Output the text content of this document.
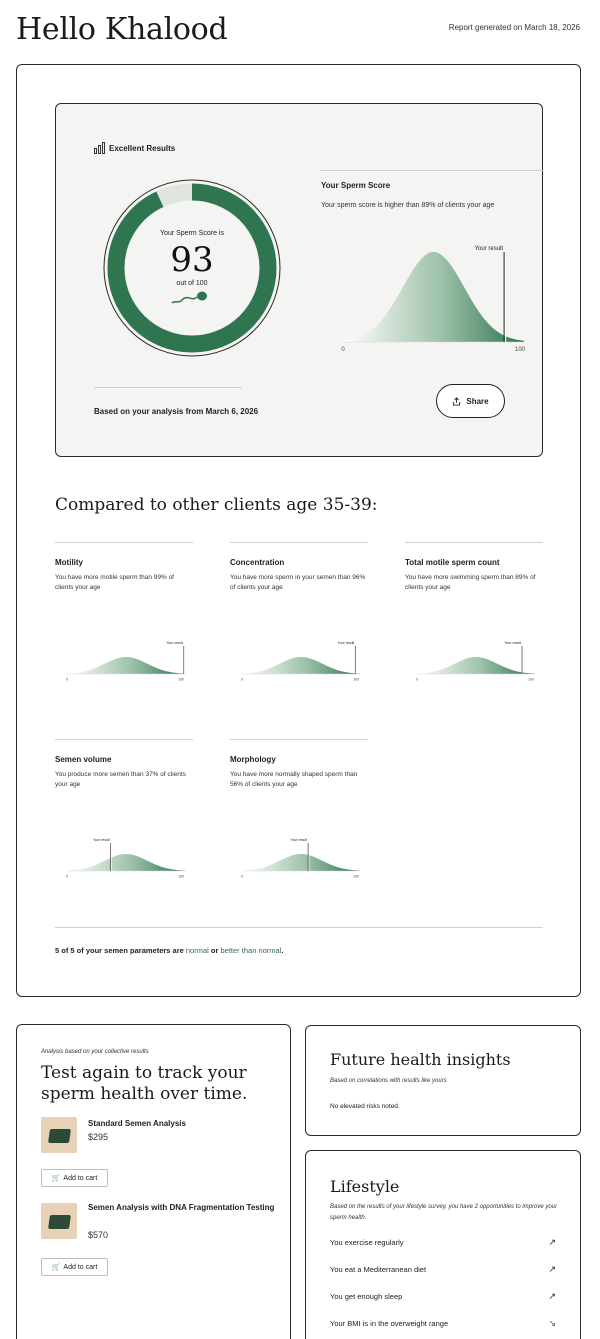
Hello Khalood	Report generated on March 18, 2026
Excellent Results
Your Sperm Score is
93
out of 100
Your Sperm Score
Your sperm score is higher than 89% of clients your age
Your result
0	100
Based on your analysis from March 6, 2026
Share
Compared to other clients age 35-39:
Motility
You have more motile sperm than 99% of clients your age
Your result
0	100
Concentration
You have more sperm in your semen than 96% of clients your age
Your result
0	100
Total motile sperm count
You have more swimming sperm than 89% of clients your age
Your result
0	100
Semen volume
You produce more semen than 37% of clients your age
Your result
0	100
Morphology
You have more normally shaped sperm than 56% of clients your age
Your result
0	100
5 of 5 of your semen parameters are normal or better than normal.
Analysis based on your collective results
Test again to track your sperm health over time.
Standard Semen Analysis
$295
🛒 Add to cart
Semen Analysis with DNA Fragmentation Testing
$570
🛒 Add to cart
Future health insights
Based on correlations with results like yours
No elevated risks noted.
Lifestyle
Based on the results of your lifestyle survey, you have 2 opportunities to improve your sperm health.
You exercise regularly	↗
You eat a Mediterranean diet	↗
You get enough sleep	↗
Your BMI is in the overweight range	↘
